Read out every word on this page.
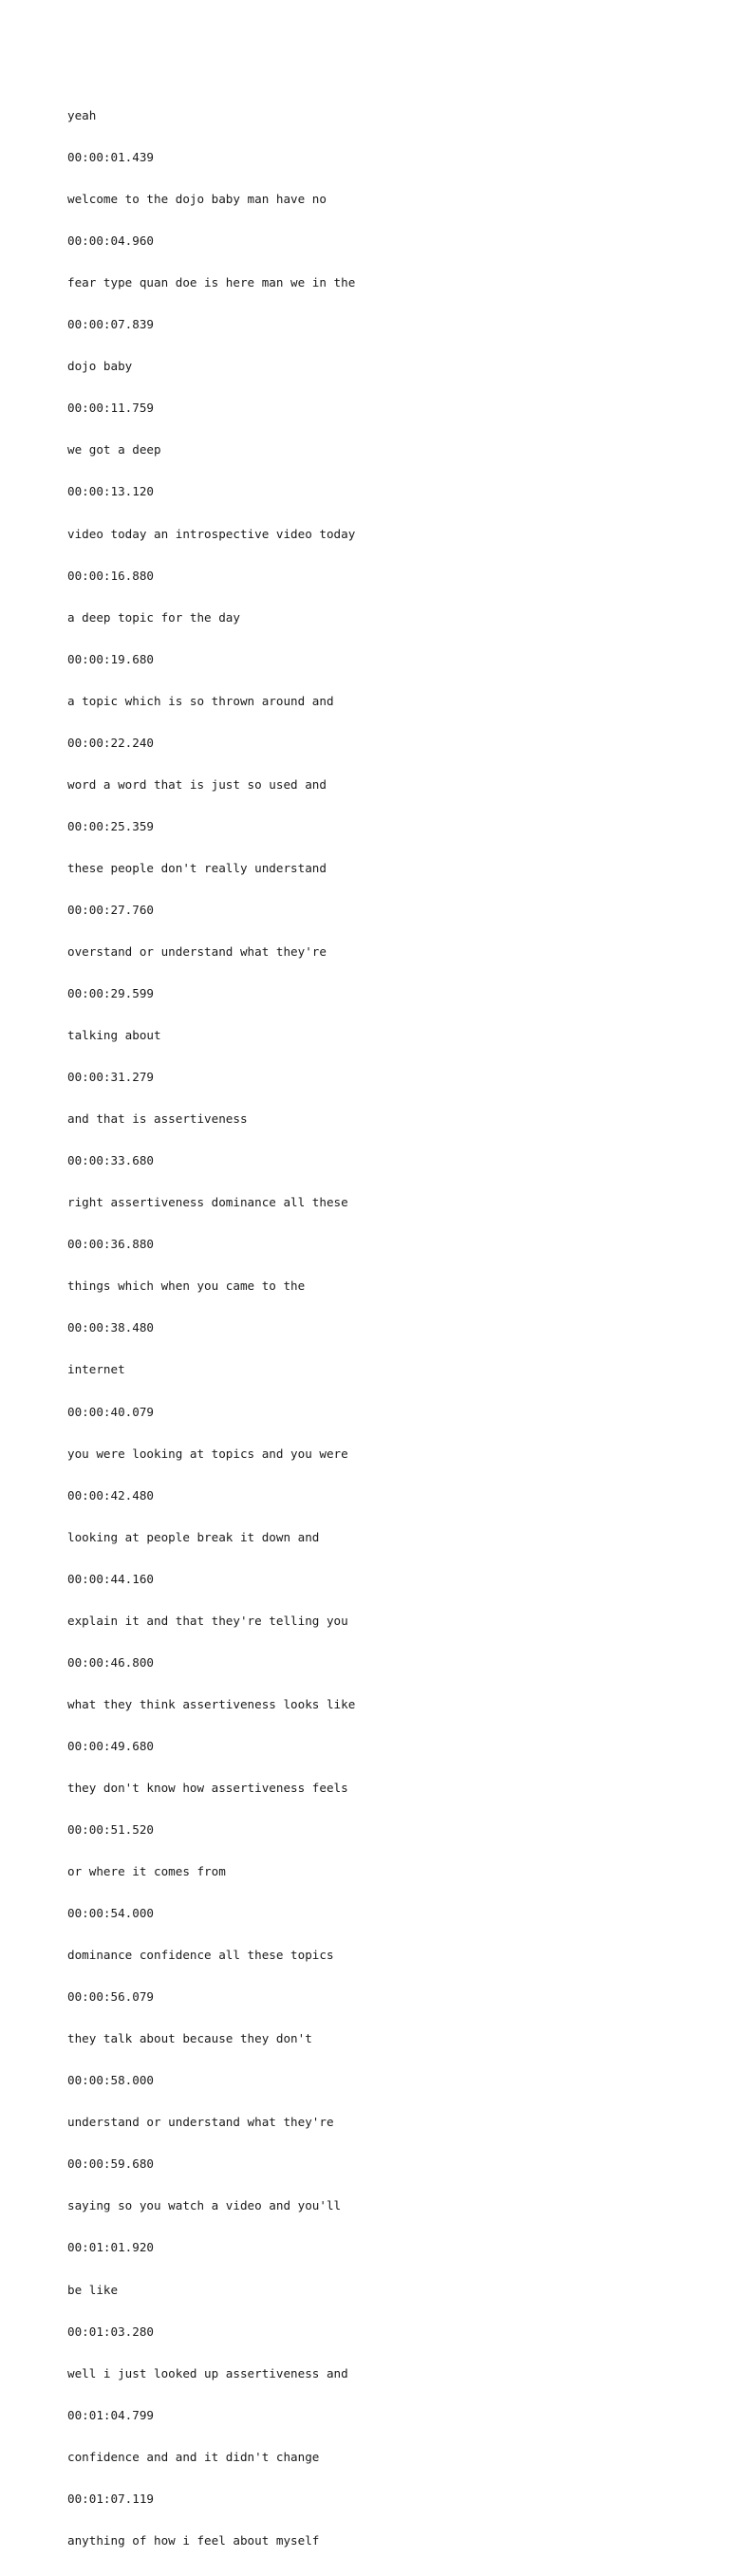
yeah

00:00:01.439

welcome to the dojo baby man have no

00:00:04.960

fear type quan doe is here man we in the

00:00:07.839

dojo baby

00:00:11.759

we got a deep

00:00:13.120

video today an introspective video today

00:00:16.880

a deep topic for the day

00:00:19.680

a topic which is so thrown around and

00:00:22.240

word a word that is just so used and

00:00:25.359

these people don't really understand

00:00:27.760

overstand or understand what they're

00:00:29.599

talking about

00:00:31.279

and that is assertiveness

00:00:33.680

right assertiveness dominance all these

00:00:36.880

things which when you came to the

00:00:38.480

internet

00:00:40.079

you were looking at topics and you were

00:00:42.480

looking at people break it down and

00:00:44.160

explain it and that they're telling you

00:00:46.800

what they think assertiveness looks like

00:00:49.680

they don't know how assertiveness feels

00:00:51.520

or where it comes from

00:00:54.000

dominance confidence all these topics

00:00:56.079

they talk about because they don't

00:00:58.000

understand or understand what they're

00:00:59.680

saying so you watch a video and you'll

00:01:01.920

be like

00:01:03.280

well i just looked up assertiveness and

00:01:04.799

confidence and and it didn't change

00:01:07.119

anything of how i feel about myself
